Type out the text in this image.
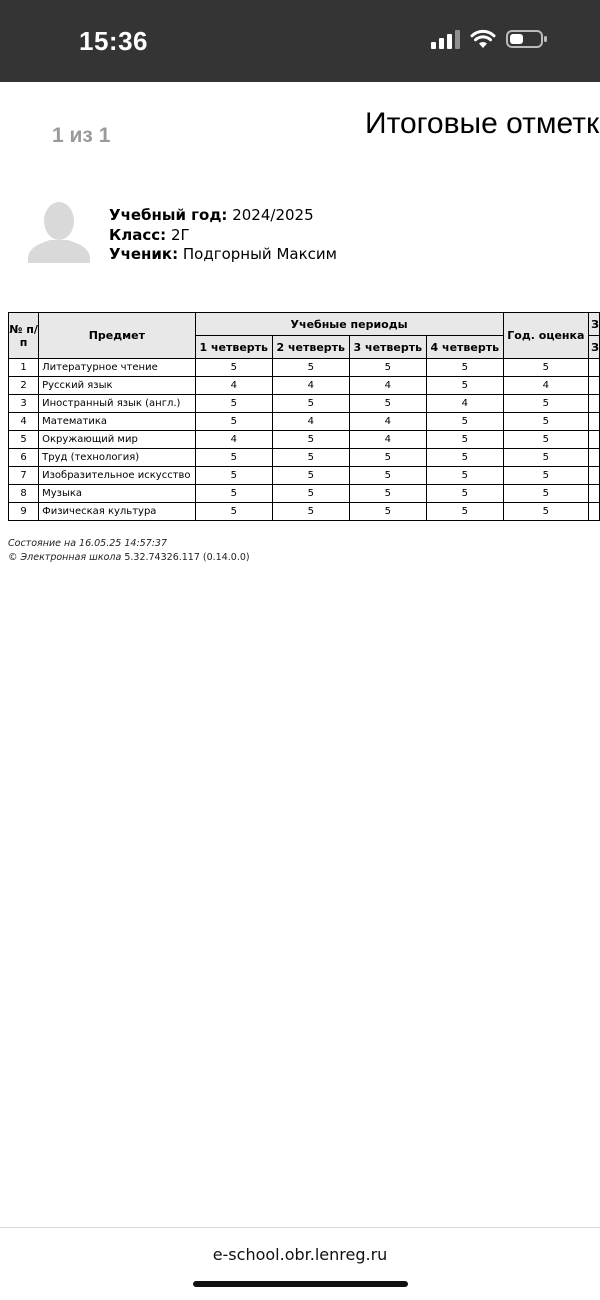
15:36
1 из 1	Итоговые отметк
Учебный год: 2024/2025
Класс: 2Г
Ученик: Подгорный Максим
№ п/п	Предмет	Учебные периоды				Год. оценка	З
		1 четверть	2 четверть	3 четверть	4 четверть		З
1	Литературное чтение	5	5	5	5	5	
2	Русский язык	4	4	4	5	4	
3	Иностранный язык (англ.)	5	5	5	4	5	
4	Математика	5	4	4	5	5	
5	Окружающий мир	4	5	4	5	5	
6	Труд (технология)	5	5	5	5	5	
7	Изобразительное искусство	5	5	5	5	5	
8	Музыка	5	5	5	5	5	
9	Физическая культура	5	5	5	5	5	
Состояние на 16.05.25 14:57:37
© Электронная школа 5.32.74326.117 (0.14.0.0)
e-school.obr.lenreg.ru
